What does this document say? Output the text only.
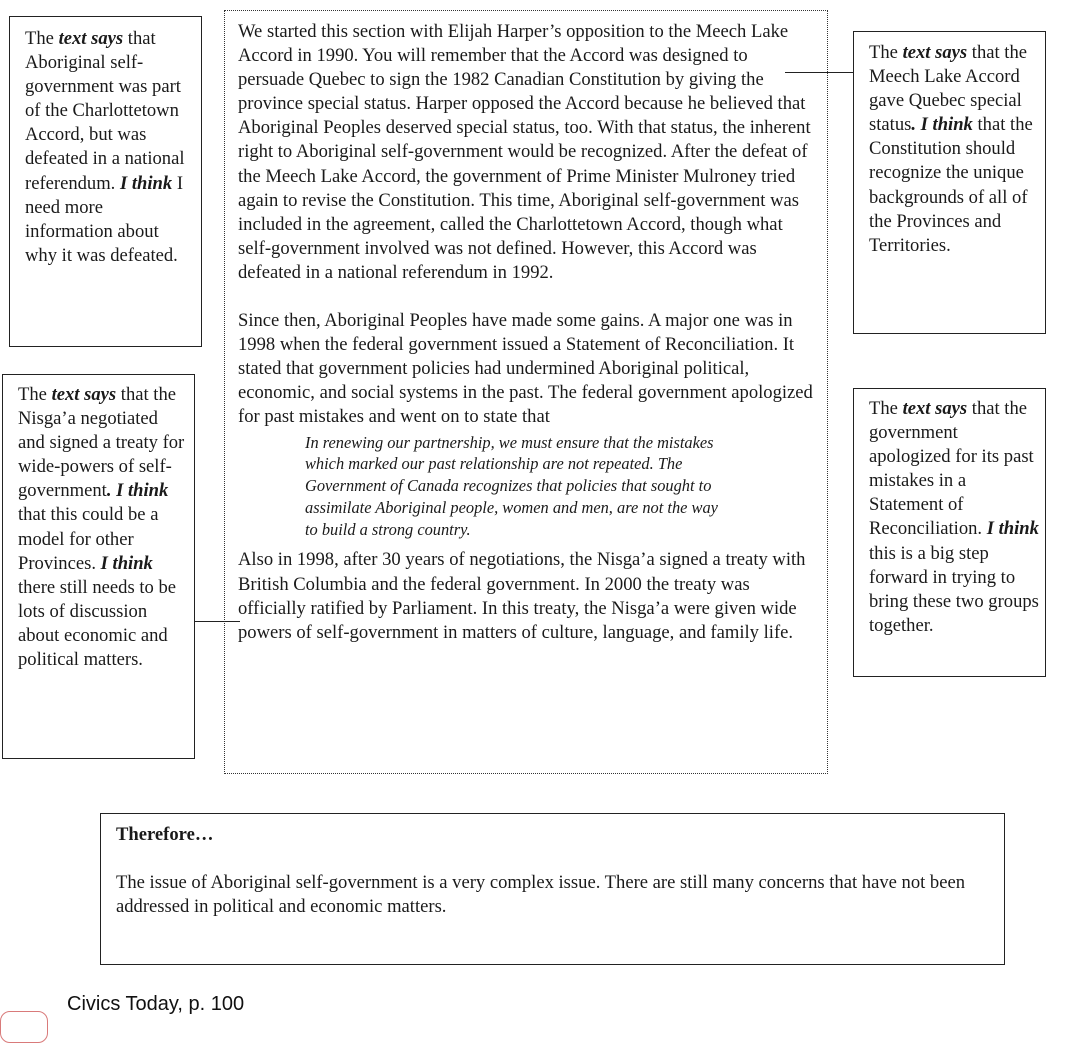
The text says that Aboriginal self-government was part of the Charlottetown Accord, but was defeated in a national referendum. I think I need more information about why it was defeated.

The text says that the Nisga’a negotiated and signed a treaty for wide-powers of self-government. I think that this could be a model for other Provinces. I think there still needs to be lots of discussion about economic and political matters.

We started this section with Elijah Harper’s opposition to the Meech Lake Accord in 1990. You will remember that the Accord was designed to persuade Quebec to sign the 1982 Canadian Constitution by giving the province special status. Harper opposed the Accord because he believed that Aboriginal Peoples deserved special status, too. With that status, the inherent right to Aboriginal self-government would be recognized. After the defeat of the Meech Lake Accord, the government of Prime Minister Mulroney tried again to revise the Constitution. This time, Aboriginal self-government was included in the agreement, called the Charlottetown Accord, though what self-government involved was not defined. However, this Accord was defeated in a national referendum in 1992.

Since then, Aboriginal Peoples have made some gains. A major one was in 1998 when the federal government issued a Statement of Reconciliation. It stated that government policies had undermined Aboriginal political, economic, and social systems in the past. The federal government apologized for past mistakes and went on to state that

In renewing our partnership, we must ensure that the mistakes which marked our past relationship are not repeated. The Government of Canada recognizes that policies that sought to assimilate Aboriginal people, women and men, are not the way to build a strong country.

Also in 1998, after 30 years of negotiations, the Nisga’a signed a treaty with British Columbia and the federal government. In 2000 the treaty was officially ratified by Parliament. In this treaty, the Nisga’a were given wide powers of self-government in matters of culture, language, and family life.

The text says that the Meech Lake Accord gave Quebec special status. I think that the Constitution should recognize the unique backgrounds of all of the Provinces and Territories.

The text says that the government apologized for its past mistakes in a Statement of Reconciliation. I think this is a big step forward in trying to bring these two groups together.

Therefore…

The issue of Aboriginal self-government is a very complex issue. There are still many concerns that have not been addressed in political and economic matters.

Civics Today, p. 100
